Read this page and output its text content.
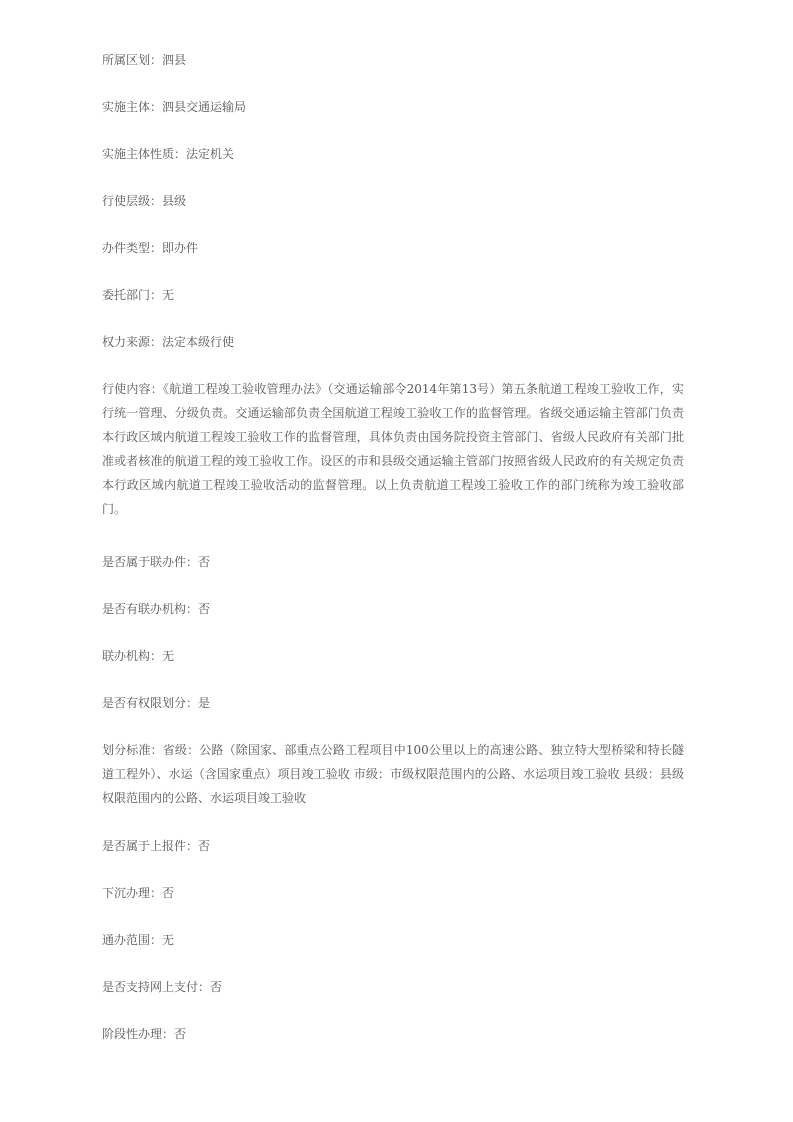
所属区划：泗县
实施主体：泗县交通运输局
实施主体性质：法定机关
行使层级：县级
办件类型：即办件
委托部门：无
权力来源：法定本级行使
行使内容：《航道工程竣工验收管理办法》（交通运输部令2014年第13号）第五条航道工程竣工验收工作，实行统一管理、分级负责。交通运输部负责全国航道工程竣工验收工作的监督管理。省级交通运输主管部门负责本行政区域内航道工程竣工验收工作的监督管理，具体负责由国务院投资主管部门、省级人民政府有关部门批准或者核准的航道工程的竣工验收工作。设区的市和县级交通运输主管部门按照省级人民政府的有关规定负责本行政区域内航道工程竣工验收活动的监督管理。以上负责航道工程竣工验收工作的部门统称为竣工验收部门。
是否属于联办件：否
是否有联办机构：否
联办机构：无
是否有权限划分：是
划分标准：省级：公路（除国家、部重点公路工程项目中100公里以上的高速公路、独立特大型桥梁和特长隧道工程外）、水运（含国家重点）项目竣工验收 市级：市级权限范围内的公路、水运项目竣工验收 县级：县级权限范围内的公路、水运项目竣工验收
是否属于上报件：否
下沉办理：否
通办范围：无
是否支持网上支付：否
阶段性办理：否
